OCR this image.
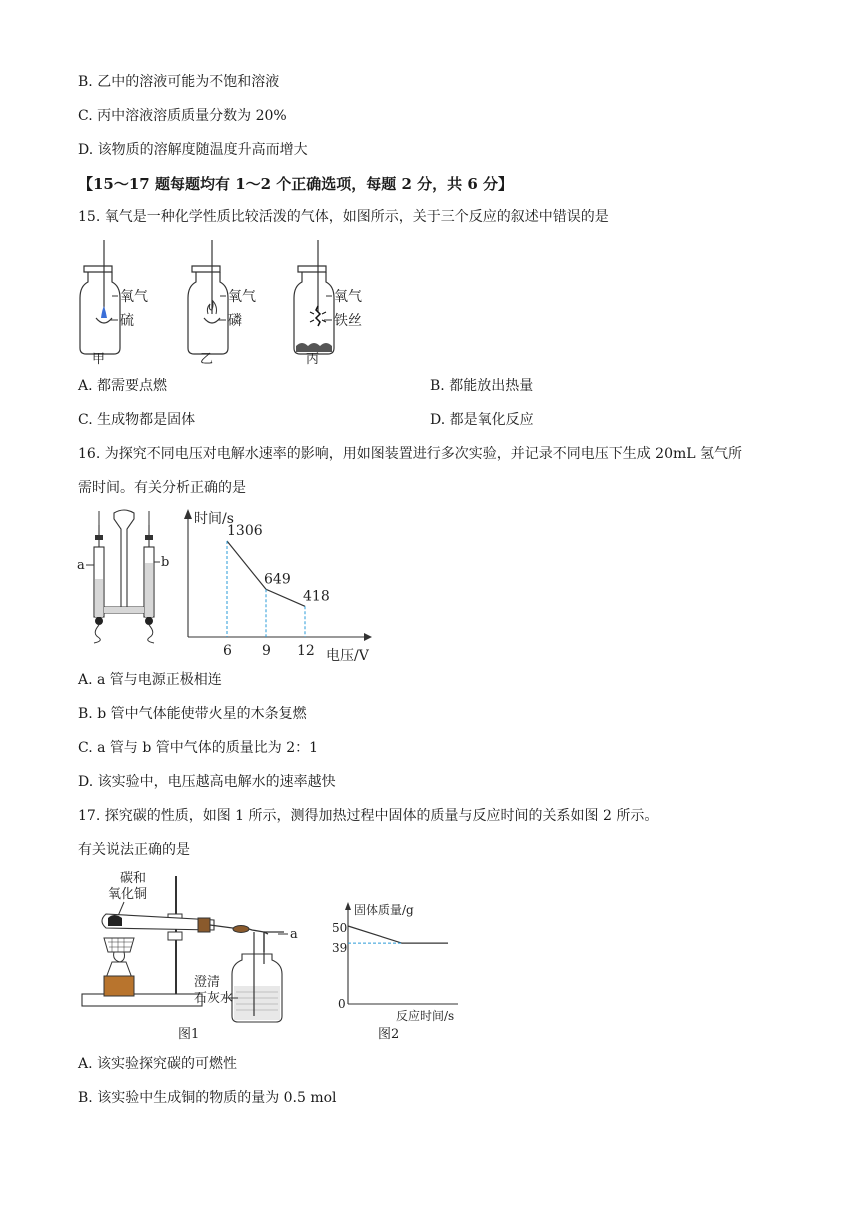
B. 乙中的溶液可能为不饱和溶液
C. 丙中溶液溶质质量分数为 20%
D. 该物质的溶解度随温度升高而增大
【15～17 题每题均有 1～2 个正确选项，每题 2 分，共 6 分】
15. 氧气是一种化学性质比较活泼的气体，如图所示，关于三个反应的叙述中错误的是
氧气
硫
甲
氧气
磷
乙
氧气
铁丝
丙
A. 都需要点燃	B. 都能放出热量
C. 生成物都是固体	D. 都是氧化反应
16. 为探究不同电压对电解水速率的影响，用如图装置进行多次实验，并记录不同电压下生成 20mL 氢气所
需时间。有关分析正确的是
a	b
时间/s
电压/V
1306
6
649
9
418
12
A. a 管与电源正极相连
B. b 管中气体能使带火星的木条复燃
C. a 管与 b 管中气体的质量比为 2：1
D. 该实验中，电压越高电解水的速率越快
17. 探究碳的性质，如图 1 所示，测得加热过程中固体的质量与反应时间的关系如图 2 所示。
有关说法正确的是
碳和
氧化铜
a
澄清
石灰水
图1
固体质量/g
反应时间/s
50
39
0
图2
A. 该实验探究碳的可燃性
B. 该实验中生成铜的物质的量为 0.5 mol
